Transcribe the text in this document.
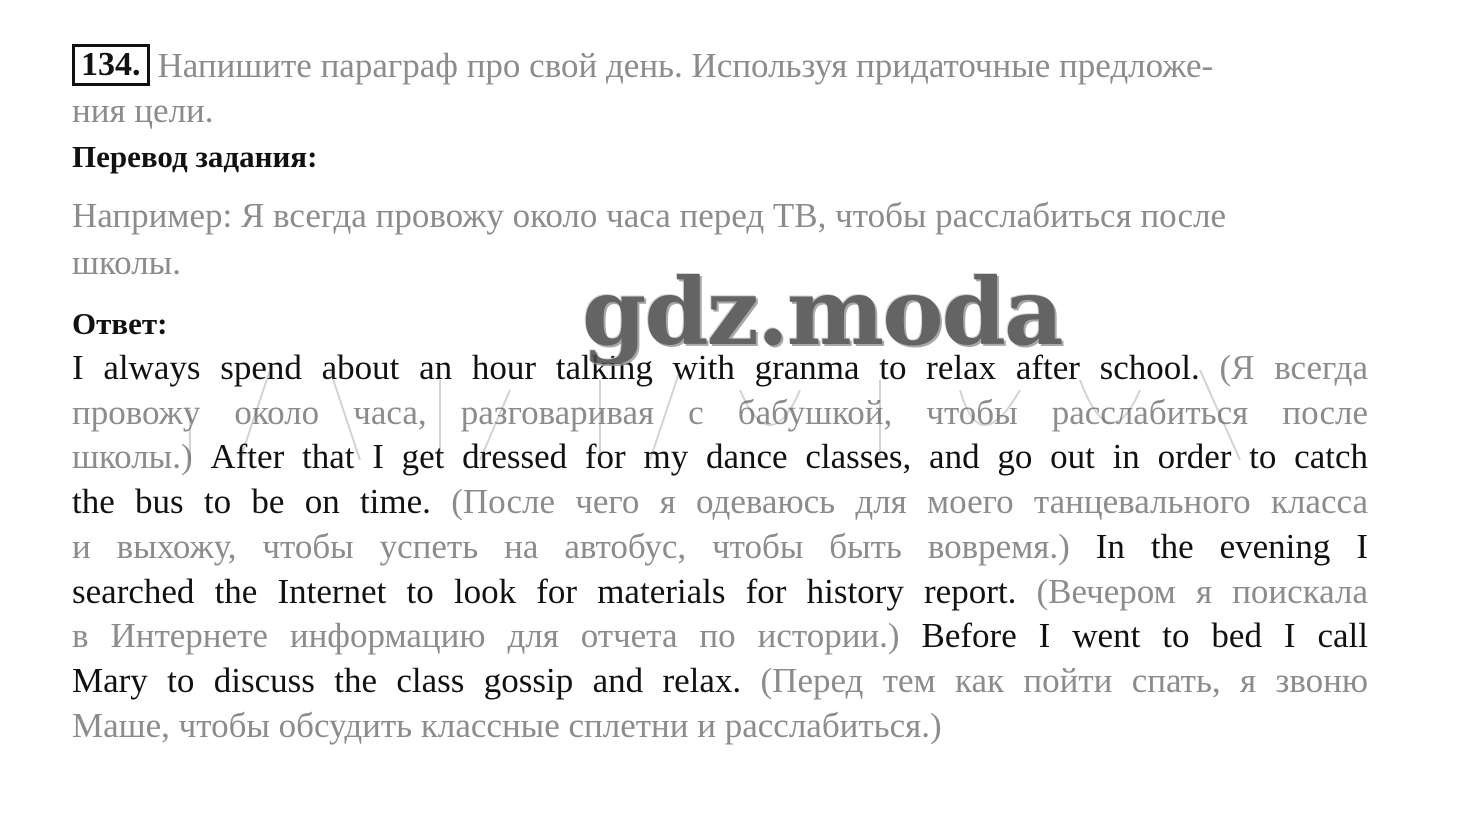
134. Напишите параграф про свой день. Используя придаточные предложе-
ния цели.
Перевод задания:
Например: Я всегда провожу около часа перед ТВ, чтобы расслабиться после
школы.
Ответ:
I always spend about an hour talking with granma to relax after school. (Я всегда
провожу около часа, разговаривая с бабушкой, чтобы расслабиться после
школы.) After that I get dressed for my dance classes, and go out in order to catch
the bus to be on time. (После чего я одеваюсь для моего танцевального класса
и выхожу, чтобы успеть на автобус, чтобы быть вовремя.) In the evening I
searched the Internet to look for materials for history report. (Вечером я поискала
в Интернете информацию для отчета по истории.) Before I went to bed I call
Mary to discuss the class gossip and relax. (Перед тем как пойти спать, я звоню
Маше, чтобы обсудить классные сплетни и расслабиться.)
gdz.moda
